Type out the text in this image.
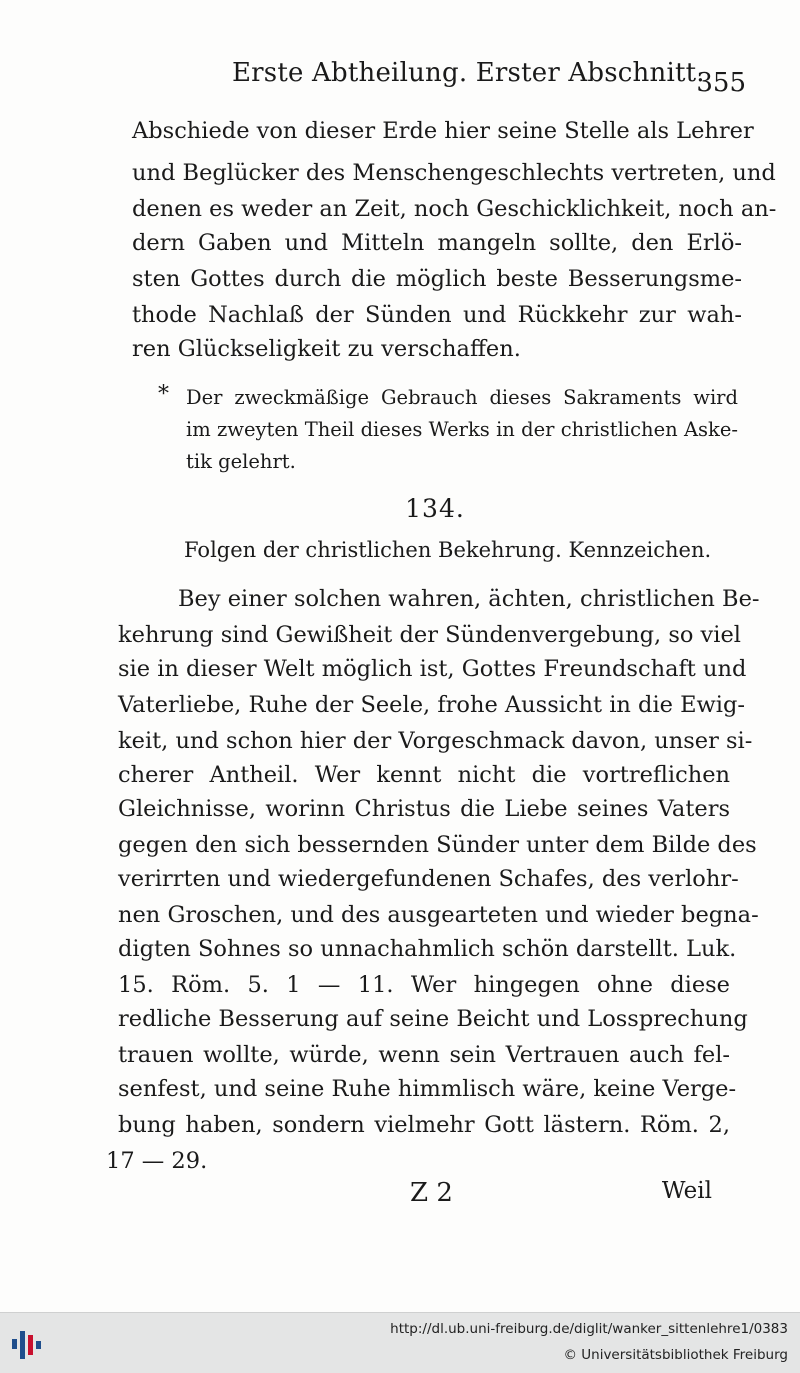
Erste Abtheilung. Erster Abschnitt.
355
Abschiede von dieser Erde hier seine Stelle als Lehrer
und Beglücker des Menschengeschlechts vertreten, und
denen es weder an Zeit, noch Geschicklichkeit, noch an-
dern Gaben und Mitteln mangeln sollte, den Erlö-
sten Gottes durch die möglich beste Besserungsme-
thode Nachlaß der Sünden und Rückkehr zur wah-
ren Glückseligkeit zu verschaffen.
* Der zweckmäßige Gebrauch dieses Sakraments wird
im zweyten Theil dieses Werks in der christlichen Aske-
tik gelehrt.
134.
Folgen der christlichen Bekehrung. Kennzeichen.
Bey einer solchen wahren, ächten, christlichen Be-
kehrung sind Gewißheit der Sündenvergebung, so viel
sie in dieser Welt möglich ist, Gottes Freundschaft und
Vaterliebe, Ruhe der Seele, frohe Aussicht in die Ewig-
keit, und schon hier der Vorgeschmack davon, unser si-
cherer Antheil. Wer kennt nicht die vortreflichen
Gleichnisse, worinn Christus die Liebe seines Vaters
gegen den sich bessernden Sünder unter dem Bilde des
verirrten und wiedergefundenen Schafes, des verlohr-
nen Groschen, und des ausgearteten und wieder begna-
digten Sohnes so unnachahmlich schön darstellt. Luk.
15. Röm. 5. 1 — 11. Wer hingegen ohne diese
redliche Besserung auf seine Beicht und Lossprechung
trauen wollte, würde, wenn sein Vertrauen auch fel-
senfest, und seine Ruhe himmlisch wäre, keine Verge-
bung haben, sondern vielmehr Gott lästern. Röm. 2,
17 — 29.
Z 2	Weil
http://dl.ub.uni-freiburg.de/diglit/wanker_sittenlehre1/0383
© Universitätsbibliothek Freiburg
